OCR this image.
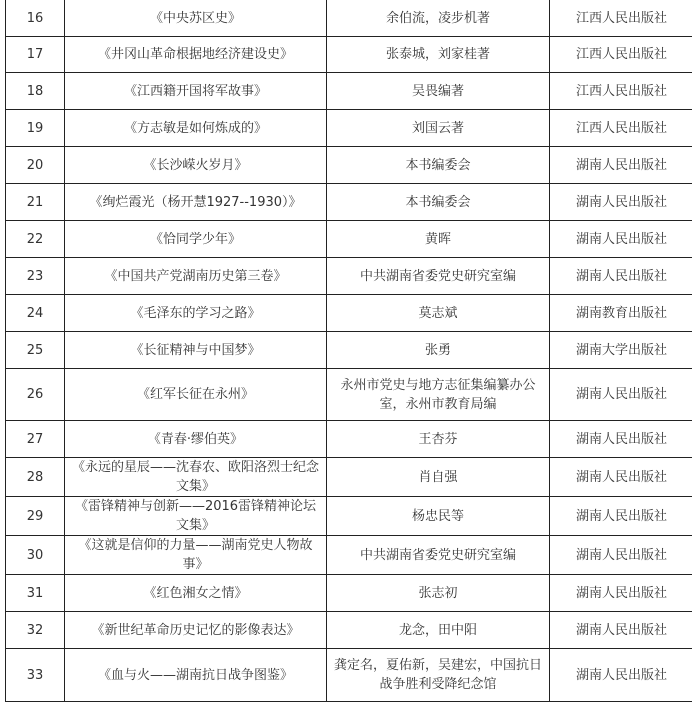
16	《中央苏区史》	余伯流，凌步机著	江西人民出版社
17	《井冈山革命根据地经济建设史》	张泰城，刘家桂著	江西人民出版社
18	《江西籍开国将军故事》	吴畏编著	江西人民出版社
19	《方志敏是如何炼成的》	刘国云著	江西人民出版社
20	《长沙嵘火岁月》	本书编委会	湖南人民出版社
21	《绚烂霞光（杨开慧1927--1930）》	本书编委会	湖南人民出版社
22	《恰同学少年》	黄晖	湖南人民出版社
23	《中国共产党湖南历史第三卷》	中共湖南省委党史研究室编	湖南人民出版社
24	《毛泽东的学习之路》	莫志斌	湖南教育出版社
25	《长征精神与中国梦》	张勇	湖南大学出版社
26	《红军长征在永州》	永州市党史与地方志征集编纂办公室，永州市教育局编	湖南人民出版社
27	《青春·缪伯英》	王杏芬	湖南人民出版社
28	《永远的星辰——沈春农、欧阳洛烈士纪念文集》	肖自强	湖南人民出版社
29	《雷锋精神与创新——2016雷锋精神论坛文集》	杨忠民等	湖南人民出版社
30	《这就是信仰的力量——湖南党史人物故事》	中共湖南省委党史研究室编	湖南人民出版社
31	《红色湘女之情》	张志初	湖南人民出版社
32	《新世纪革命历史记忆的影像表达》	龙念，田中阳	湖南人民出版社
33	《血与火——湖南抗日战争图鉴》	龚定名，夏佑新，吴建宏，中国抗日战争胜利受降纪念馆	湖南人民出版社
